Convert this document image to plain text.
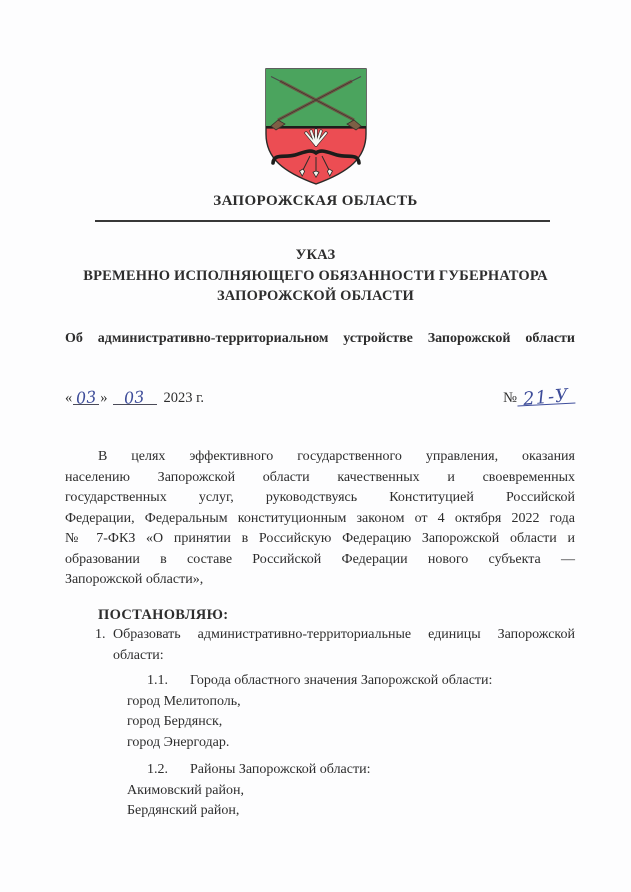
ЗАПОРОЖСКАЯ ОБЛАСТЬ
УКАЗ
ВРЕМЕННО ИСПОЛНЯЮЩЕГО ОБЯЗАННОСТИ ГУБЕРНАТОРА
ЗАПОРОЖСКОЙ ОБЛАСТИ
Об административно-территориальном устройстве Запорожской области
« 03 » 03 2023 г.	№ 21-У
В целях эффективного государственного управления, оказания
населению Запорожской области качественных и своевременных
государственных услуг, руководствуясь Конституцией Российской
Федерации, Федеральным конституционным законом от 4 октября 2022 года
№ 7-ФКЗ «О принятии в Российскую Федерацию Запорожской области и
образовании в составе Российской Федерации нового субъекта —
Запорожской области»,
ПОСТАНОВЛЯЮ:
1. Образовать административно-территориальные единицы Запорожской
области:
1.1. Города областного значения Запорожской области:
город Мелитополь,
город Бердянск,
город Энергодар.
1.2. Районы Запорожской области:
Акимовский район,
Бердянский район,
